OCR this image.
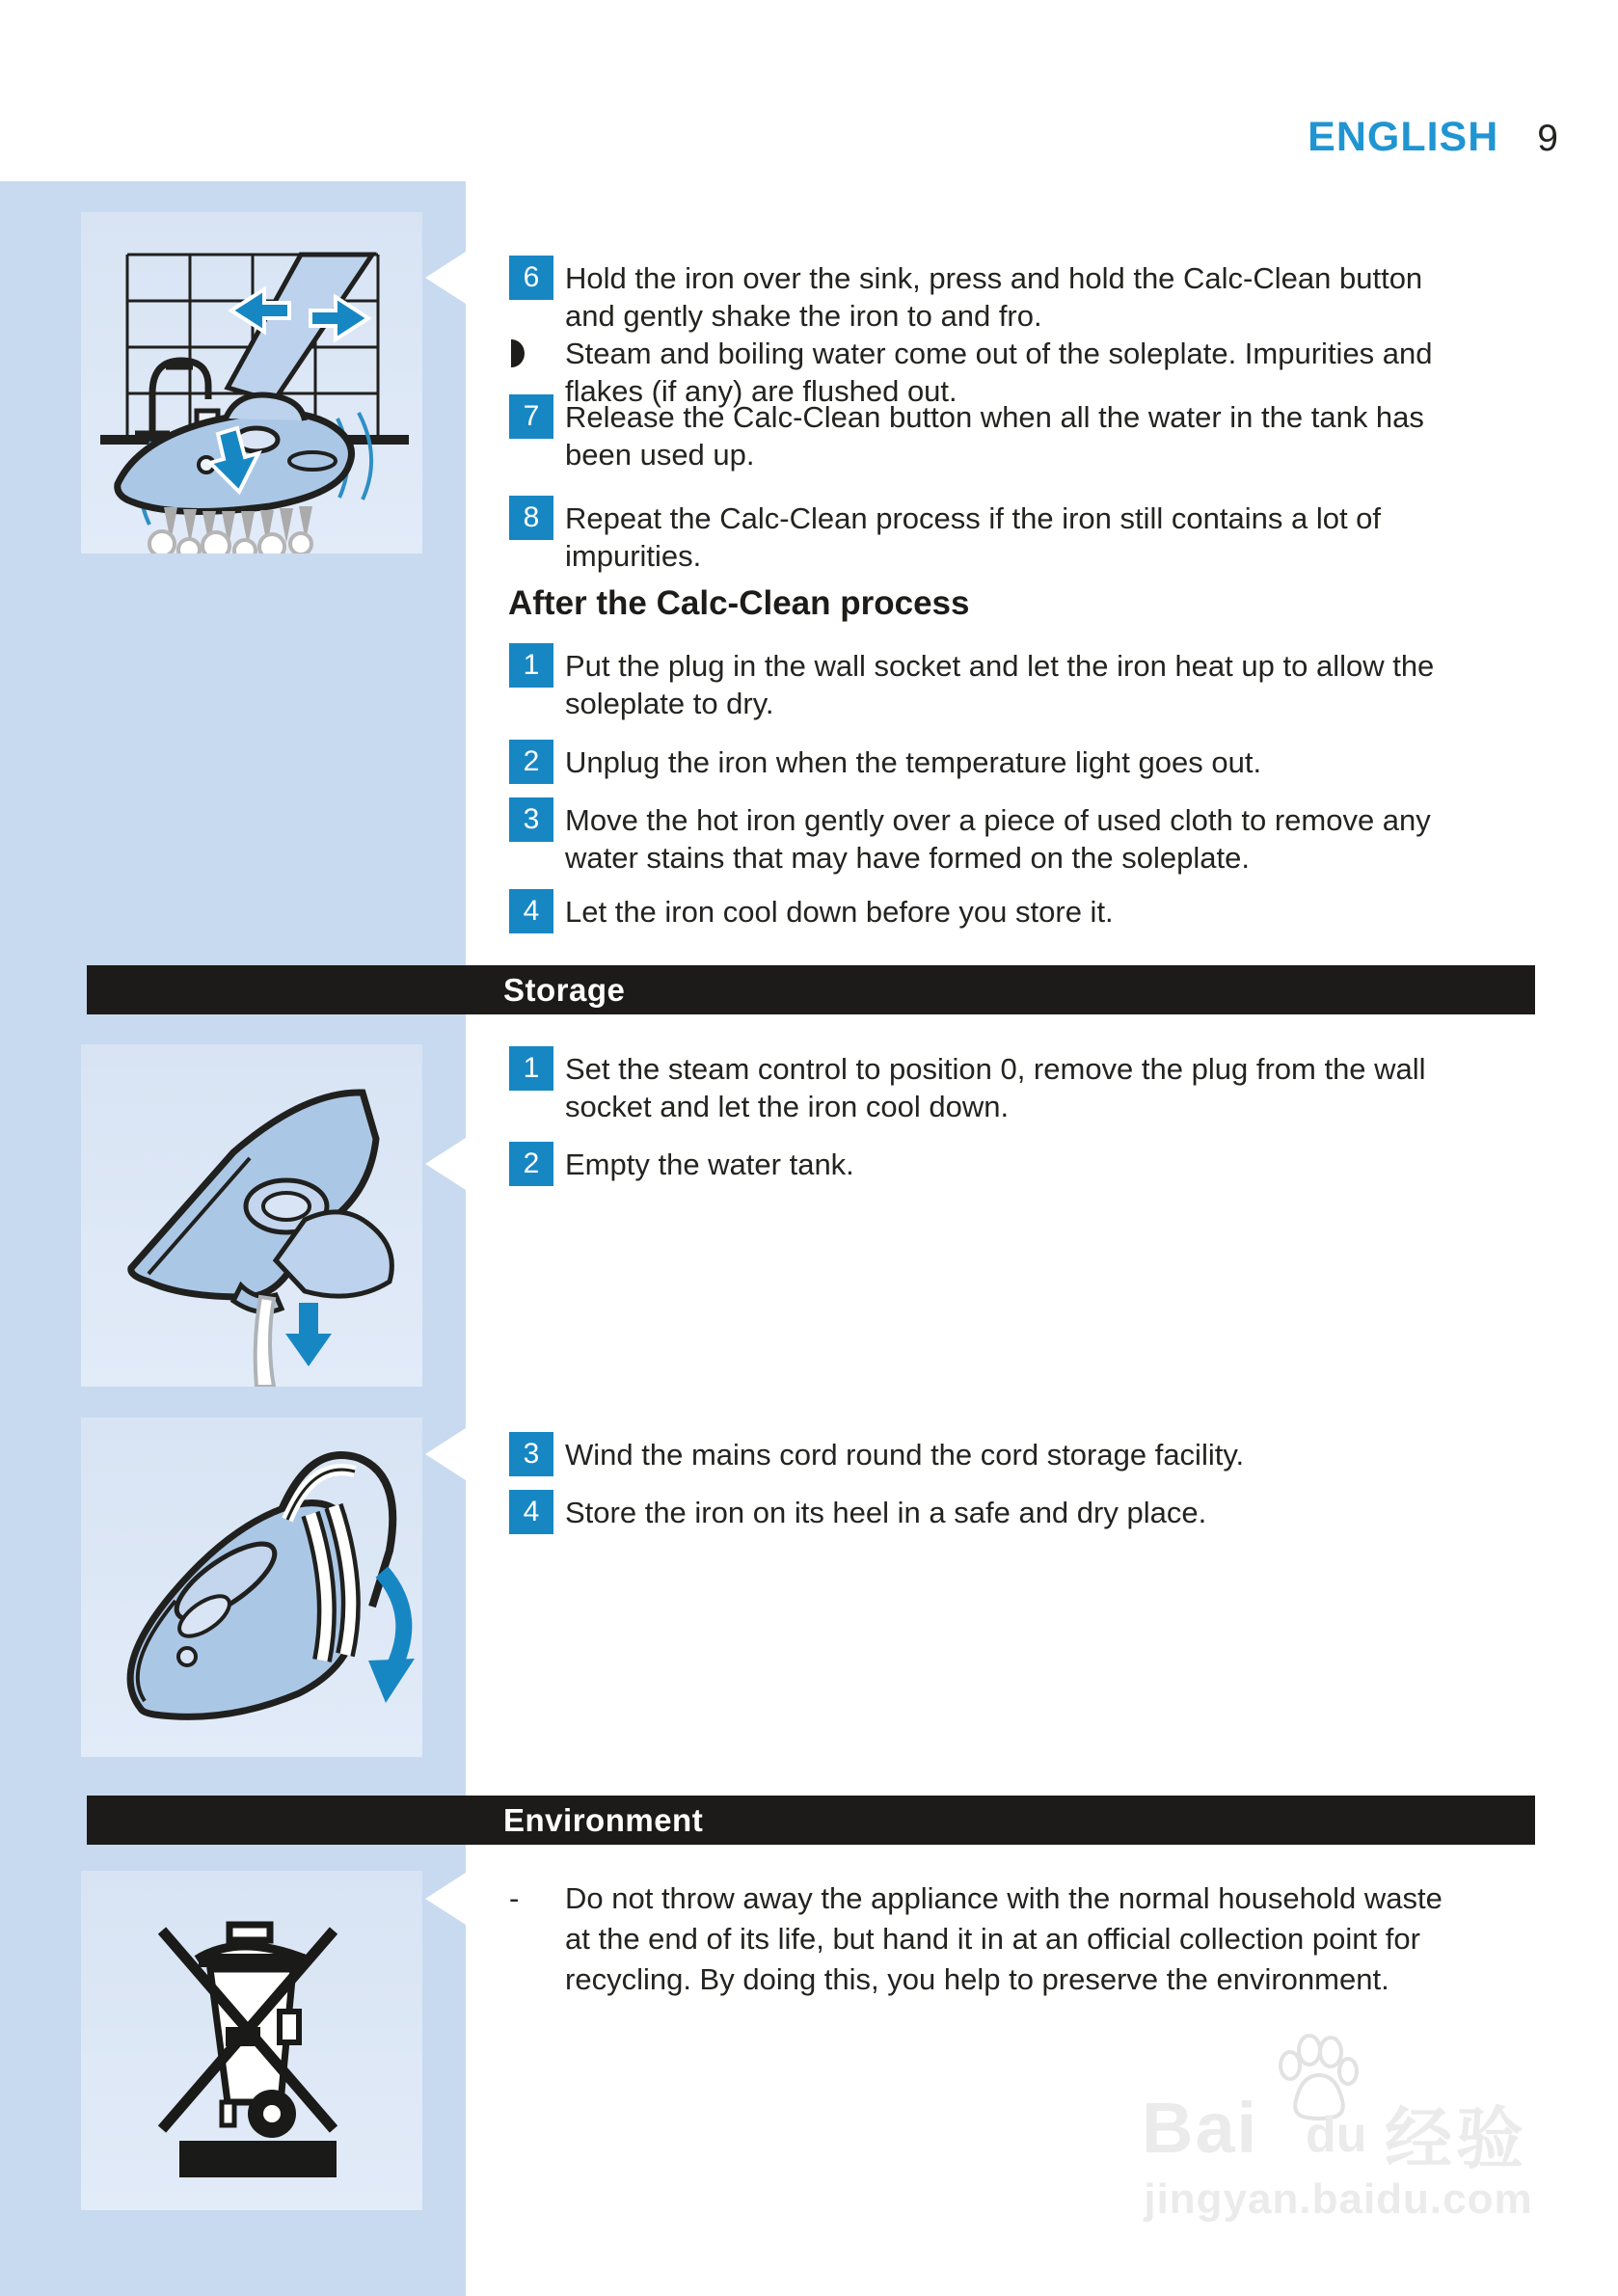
ENGLISH 9
6 Hold the iron over the sink, press and hold the Calc-Clean button
and gently shake the iron to and fro.
Steam and boiling water come out of the soleplate. Impurities and
flakes (if any) are flushed out.
7 Release the Calc-Clean button when all the water in the tank has
been used up.
8 Repeat the Calc-Clean process if the iron still contains a lot of
impurities.
After the Calc-Clean process
1 Put the plug in the wall socket and let the iron heat up to allow the
soleplate to dry.
2 Unplug the iron when the temperature light goes out.
3 Move the hot iron gently over a piece of used cloth to remove any
water stains that may have formed on the soleplate.
4 Let the iron cool down before you store it.
Storage
1 Set the steam control to position 0, remove the plug from the wall
socket and let the iron cool down.
2 Empty the water tank.
3 Wind the mains cord round the cord storage facility.
4 Store the iron on its heel in a safe and dry place.
Environment
- Do not throw away the appliance with the normal household waste
at the end of its life, but hand it in at an official collection point for
recycling. By doing this, you help to preserve the environment.
Bai du 经验
jingyan.baidu.com
